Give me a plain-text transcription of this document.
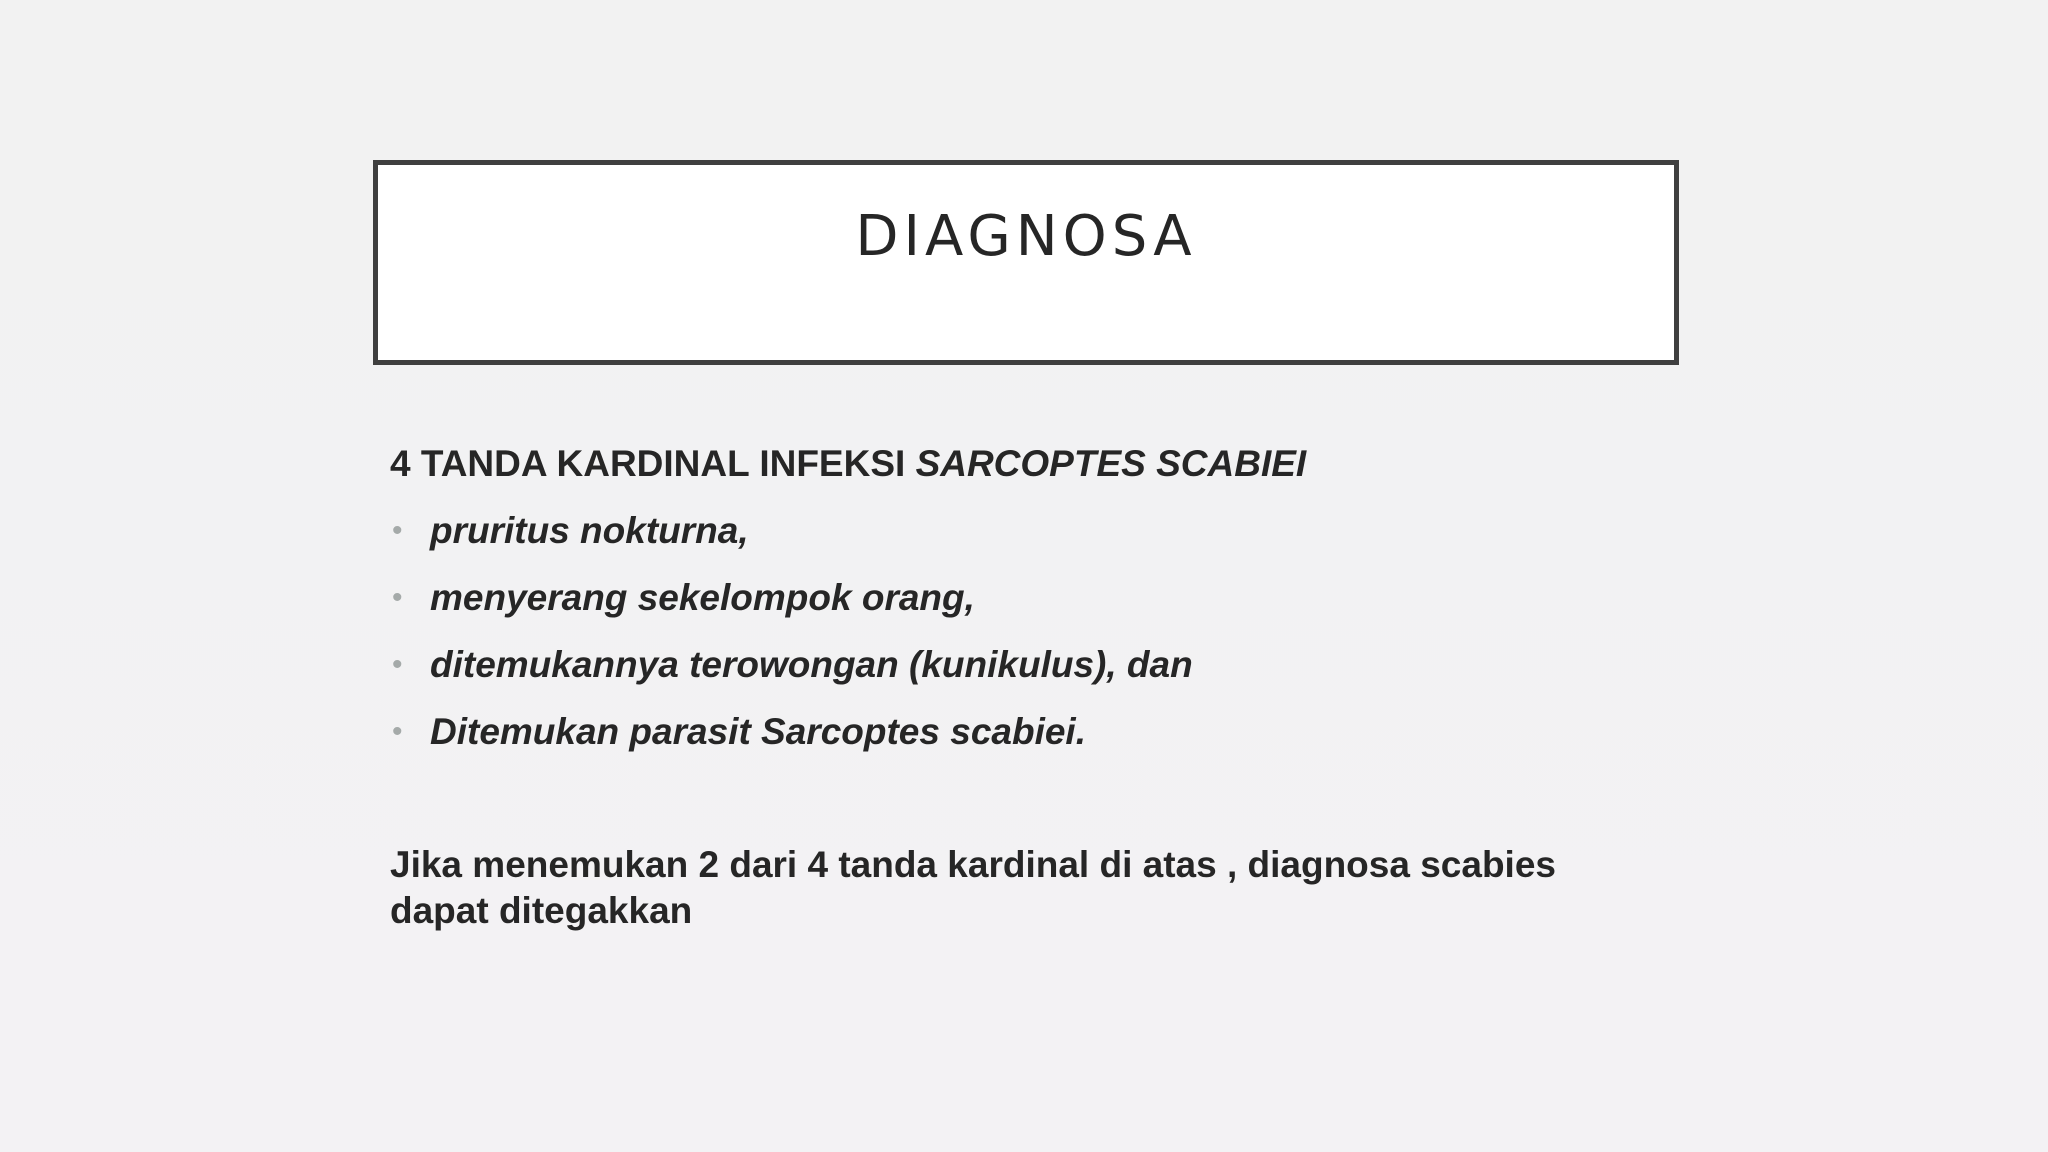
DIAGNOSA

4 TANDA KARDINAL INFEKSI SARCOPTES SCABIEI

• pruritus nokturna,
• menyerang sekelompok orang,
• ditemukannya terowongan (kunikulus), dan
• Ditemukan parasit Sarcoptes scabiei.

Jika menemukan 2 dari 4 tanda kardinal di atas , diagnosa scabies dapat ditegakkan
